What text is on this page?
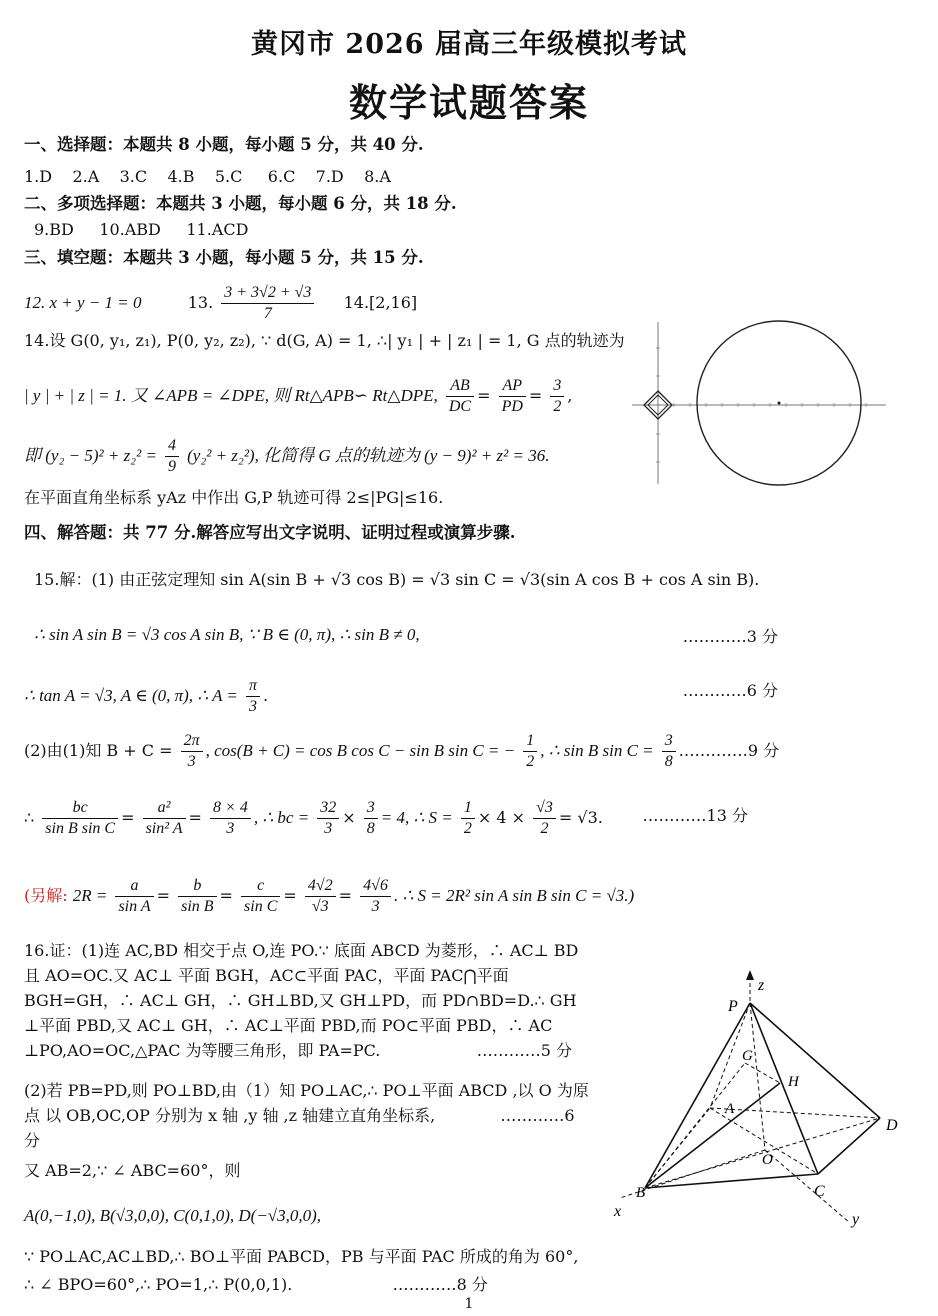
黄冈市 2026 届高三年级模拟考试
数学试题答案
一、选择题：本题共 8 小题，每小题 5 分，共 40 分.
1.D 2.A 3.C 4.B 5.C 6.C 7.D 8.A
二、多项选择题：本题共 3 小题，每小题 6 分，共 18 分.
9.BD 10.ABD 11.ACD
三、填空题：本题共 3 小题，每小题 5 分，共 15 分.
12. x + y − 1 = 0	13. $\frac{3 + 3√2 + √3}{7} 14.[2,16]$
14.设 G(0, y₁, z₁), P(0, y₂, z₂), ∵ d(G, A) = 1, ∴| y₁ | + | z₁ | = 1, G 点的轨迹为
| y | + | z | = 1. 又 ∠APB = ∠DPE, 则 Rt△APB∽ Rt△DPE, $\frac{AB}{DC} = \frac{AP}{PD} = \frac{3}{2}$ ,
即 $(y_2 - 5)^2 + z_2^2 = \frac{4}{9} (y_2^2 + z_2^2)$, 化简得 G 点的轨迹为 (y − 9)² + z² = 36.
在平面直角坐标系 yAz 中作出 G,P 轨迹可得 2≤|PG|≤16.
四、解答题：共 77 分.解答应写出文字说明、证明过程或演算步骤.
15.解：(1) 由正弦定理知 sin A(sin B + √3 cos B) = √3 sin C = √3(sin A cos B + cos A sin B).
∴ sin A sin B = √3 cos A sin B, ∵ B ∈ (0, π), ∴ sin B ≠ 0,	…………3 分
∴ tan A = √3, A ∈ (0, π), ∴ $A = \frac{\pi}{3}$ .	…………6 分
(2)由(1)知 $B + C = \frac{2\pi}{3}$ , cos(B + C) = cos B cos C − sin B sin C = − $\frac{1}{2}$ , ∴ sin B $\sin C = \frac{3}{8}$ .…………9 分
∴ $\frac{bc}{\text{sin B sin C}} = \frac{\text{a²}}{\text{sin² A}} = \frac{8 \times 4}{3}$ , ∴ bc = $\frac{32}{3} \times \frac{3}{8} = 4$, ∴ $S = \frac{1}{2} \times 4 \times \frac{√3}{2} = √3$. …………13 分
(另解: $2R = \frac{a}{\text{sin A}} = \frac{b}{\text{sin B}} = \frac{c}{\text{sin C}} = \frac{4√2}{√3} = \frac{4√6}{3}$ . ∴ S = 2R² sin A sin B sin C = √3.)
16.证：(1)连 AC,BD 相交于点 O,连 PO.∵ 底面 ABCD 为菱形，∴ AC⊥ BD 且 AO=OC.又 AC⊥ 平面 BGH，AC⊂平面 PAC，平面 PAC⋂平面 BGH=GH，∴ AC⊥ GH，∴ GH⊥BD,又 GH⊥PD，而 PD∩BD=D.∴ GH ⊥平面 PBD,又 AC⊥ GH，∴ AC⊥平面 PBD,而 PO⊂平面 PBD，∴ AC ⊥PO,AO=OC,△PAC 为等腰三角形，即 PA=PC.	…………5 分
(2)若 PB=PD,则 PO⊥BD,由（1）知 PO⊥AC,∴ PO⊥平面 ABCD ,以 O 为原点 以 OB,OC,OP 分别为 x 轴 ,y 轴 ,z 轴建立直角坐标系,	…………6 分
又 AB=2,∵ ∠ ABC=60°，则
A(0,−1,0), B(√3,0,0), C(0,1,0), D(−√3,0,0),
∵ PO⊥AC,AC⊥BD,∴ BO⊥平面 PABCD，PB 与平面 PAC 所成的角为 60°,
∴ ∠ BPO=60°,∴ PO=1,∴ P(0,0,1).	…………8 分
z
P
G
H
A
D
O
B	C
x	y
1
